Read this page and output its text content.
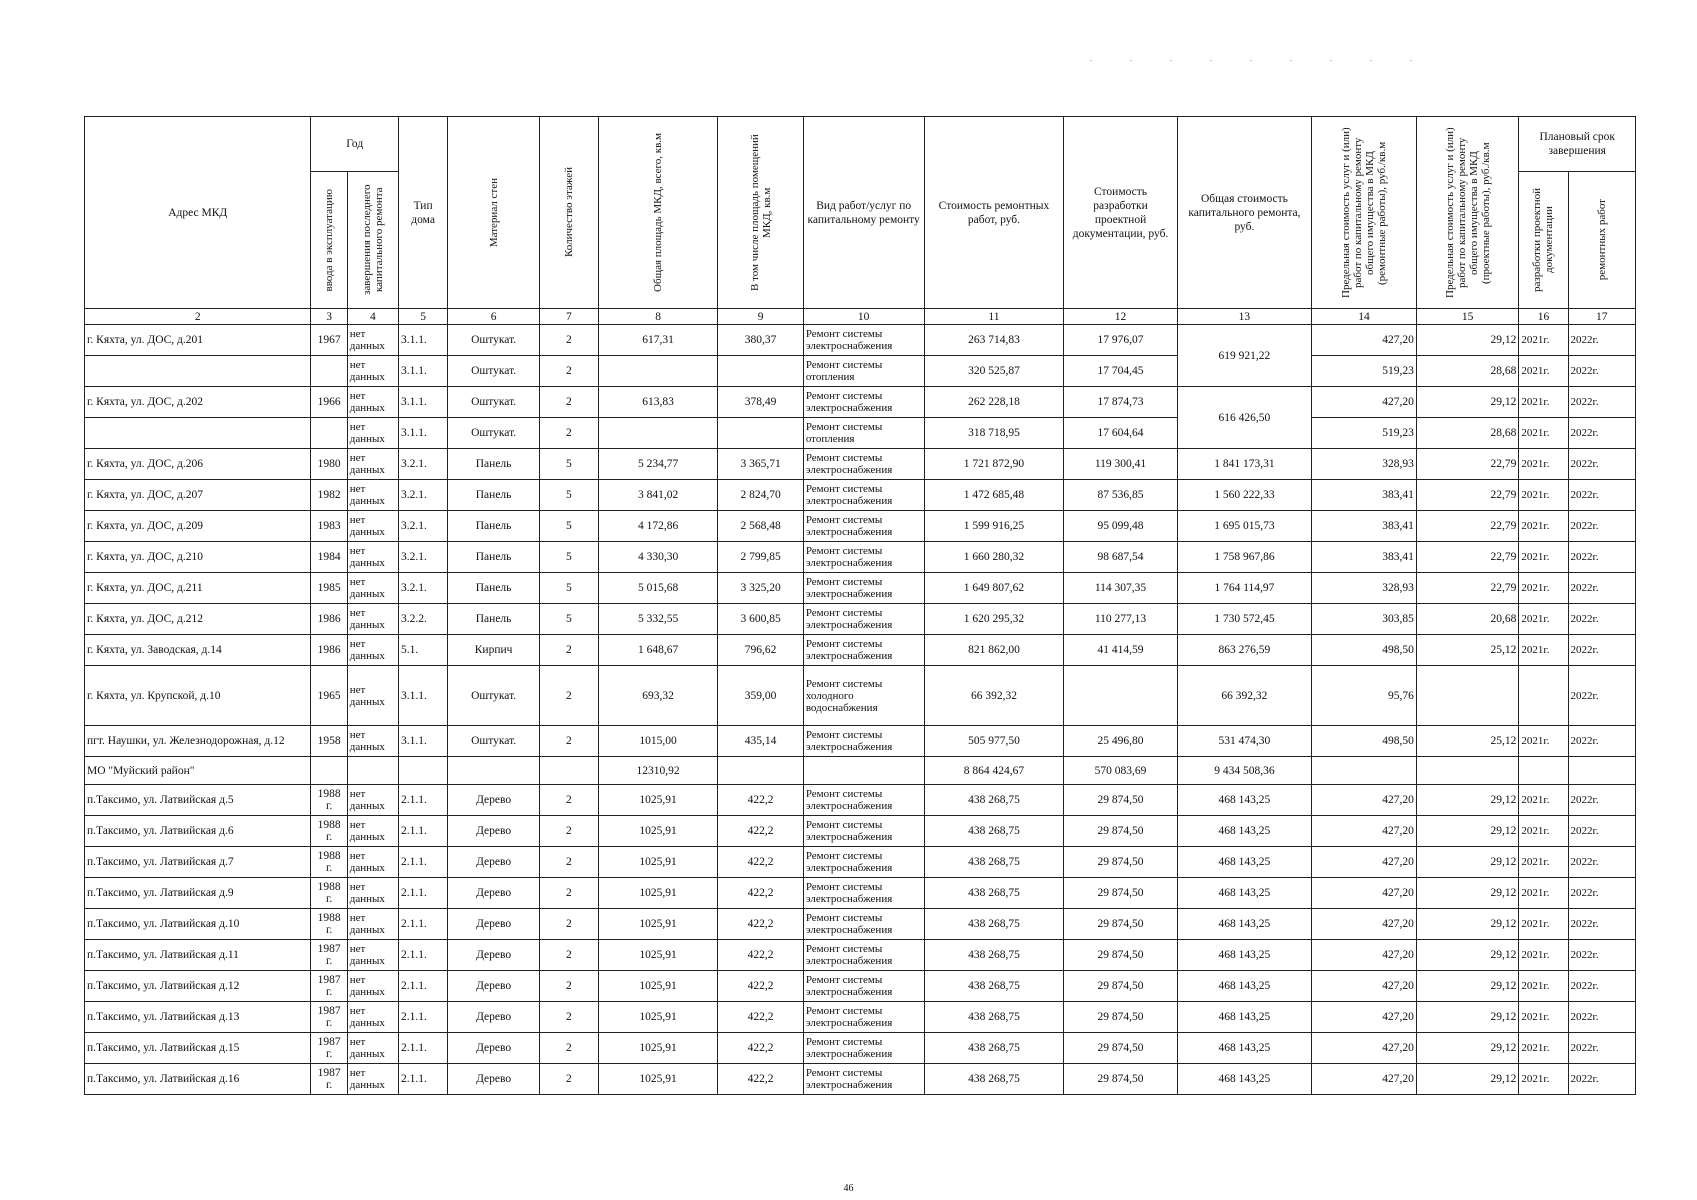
Адрес МКД	Год		Тип дома	Материал стен	Количество этажей	Общая площадь МКД, всего, кв.м	В том числе площадь помещений МКД, кв.м	Вид работ/услуг по капитальному ремонту	Стоимость ремонтных работ, руб.	Стоимость разработки проектной документации, руб.	Общая стоимость капитального ремонта, руб.	Предельная стоимость услуг и (или) работ по капитальному ремонту общего имущества в МКД (ремонтные работы), руб./кв.м	Предельная стоимость услуг и (или) работ по капитальному ремонту общего имущества в МКД (проектные работы), руб./кв.м	Плановый срок завершения	

	ввода в эксплуатацию	завершения последнего капитального ремонта												разработки проектной документации	ремонтных работ

2	3	4	5	6	7	8	9	10	11	12	13	14	15	16	17
г. Кяхта, ул. ДОС, д.201	1967	нет данных	3.1.1.	Оштукат.	2	617,31	380,37	Ремонт системы электроснабжения	263 714,83	17 976,07	619 921,22	427,20	29,12	2021г.	2022г.
		нет данных	3.1.1.	Оштукат.	2			Ремонт системы отопления	320 525,87	17 704,45		519,23	28,68	2021г.	2022г.
г. Кяхта, ул. ДОС, д.202	1966	нет данных	3.1.1.	Оштукат.	2	613,83	378,49	Ремонт системы электроснабжения	262 228,18	17 874,73	616 426,50	427,20	29,12	2021г.	2022г.
		нет данных	3.1.1.	Оштукат.	2			Ремонт системы отопления	318 718,95	17 604,64		519,23	28,68	2021г.	2022г.
г. Кяхта, ул. ДОС, д.206	1980	нет данных	3.2.1.	Панель	5	5 234,77	3 365,71	Ремонт системы электроснабжения	1 721 872,90	119 300,41	1 841 173,31	328,93	22,79	2021г.	2022г.
г. Кяхта, ул. ДОС, д.207	1982	нет данных	3.2.1.	Панель	5	3 841,02	2 824,70	Ремонт системы электроснабжения	1 472 685,48	87 536,85	1 560 222,33	383,41	22,79	2021г.	2022г.
г. Кяхта, ул. ДОС, д.209	1983	нет данных	3.2.1.	Панель	5	4 172,86	2 568,48	Ремонт системы электроснабжения	1 599 916,25	95 099,48	1 695 015,73	383,41	22,79	2021г.	2022г.
г. Кяхта, ул. ДОС, д.210	1984	нет данных	3.2.1.	Панель	5	4 330,30	2 799,85	Ремонт системы электроснабжения	1 660 280,32	98 687,54	1 758 967,86	383,41	22,79	2021г.	2022г.
г. Кяхта, ул. ДОС, д.211	1985	нет данных	3.2.1.	Панель	5	5 015,68	3 325,20	Ремонт системы электроснабжения	1 649 807,62	114 307,35	1 764 114,97	328,93	22,79	2021г.	2022г.
г. Кяхта, ул. ДОС, д.212	1986	нет данных	3.2.2.	Панель	5	5 332,55	3 600,85	Ремонт системы электроснабжения	1 620 295,32	110 277,13	1 730 572,45	303,85	20,68	2021г.	2022г.
г. Кяхта, ул. Заводская, д.14	1986	нет данных	5.1.	Кирпич	2	1 648,67	796,62	Ремонт системы электроснабжения	821 862,00	41 414,59	863 276,59	498,50	25,12	2021г.	2022г.
г. Кяхта, ул. Крупской, д.10	1965	нет данных	3.1.1.	Оштукат.	2	693,32	359,00	Ремонт системы холодного водоснабжения	66 392,32		66 392,32	95,76			2022г.
пгт. Наушки, ул. Железнодорожная, д.12	1958	нет данных	3.1.1.	Оштукат.	2	1015,00	435,14	Ремонт системы электроснабжения	505 977,50	25 496,80	531 474,30	498,50	25,12	2021г.	2022г.
МО "Муйский район"						12310,92			8 864 424,67	570 083,69	9 434 508,36				
п.Таксимо, ул. Латвийская д.5	1988 г.	нет данных	2.1.1.	Дерево	2	1025,91	422,2	Ремонт системы электроснабжения	438 268,75	29 874,50	468 143,25	427,20	29,12	2021г.	2022г.
п.Таксимо, ул. Латвийская д.6	1988 г.	нет данных	2.1.1.	Дерево	2	1025,91	422,2	Ремонт системы электроснабжения	438 268,75	29 874,50	468 143,25	427,20	29,12	2021г.	2022г.
п.Таксимо, ул. Латвийская д.7	1988 г.	нет данных	2.1.1.	Дерево	2	1025,91	422,2	Ремонт системы электроснабжения	438 268,75	29 874,50	468 143,25	427,20	29,12	2021г.	2022г.
п.Таксимо, ул. Латвийская д.9	1988 г.	нет данных	2.1.1.	Дерево	2	1025,91	422,2	Ремонт системы электроснабжения	438 268,75	29 874,50	468 143,25	427,20	29,12	2021г.	2022г.
п.Таксимо, ул. Латвийская д.10	1988 г.	нет данных	2.1.1.	Дерево	2	1025,91	422,2	Ремонт системы электроснабжения	438 268,75	29 874,50	468 143,25	427,20	29,12	2021г.	2022г.
п.Таксимо, ул. Латвийская д.11	1987 г.	нет данных	2.1.1.	Дерево	2	1025,91	422,2	Ремонт системы электроснабжения	438 268,75	29 874,50	468 143,25	427,20	29,12	2021г.	2022г.
п.Таксимо, ул. Латвийская д.12	1987 г.	нет данных	2.1.1.	Дерево	2	1025,91	422,2	Ремонт системы электроснабжения	438 268,75	29 874,50	468 143,25	427,20	29,12	2021г.	2022г.
п.Таксимо, ул. Латвийская д.13	1987 г.	нет данных	2.1.1.	Дерево	2	1025,91	422,2	Ремонт системы электроснабжения	438 268,75	29 874,50	468 143,25	427,20	29,12	2021г.	2022г.
п.Таксимо, ул. Латвийская д.15	1987 г.	нет данных	2.1.1.	Дерево	2	1025,91	422,2	Ремонт системы электроснабжения	438 268,75	29 874,50	468 143,25	427,20	29,12	2021г.	2022г.
п.Таксимо, ул. Латвийская д.16	1987 г.	нет данных	2.1.1.	Дерево	2	1025,91	422,2	Ремонт системы электроснабжения	438 268,75	29 874,50	468 143,25	427,20	29,12	2021г.	2022г.
46
